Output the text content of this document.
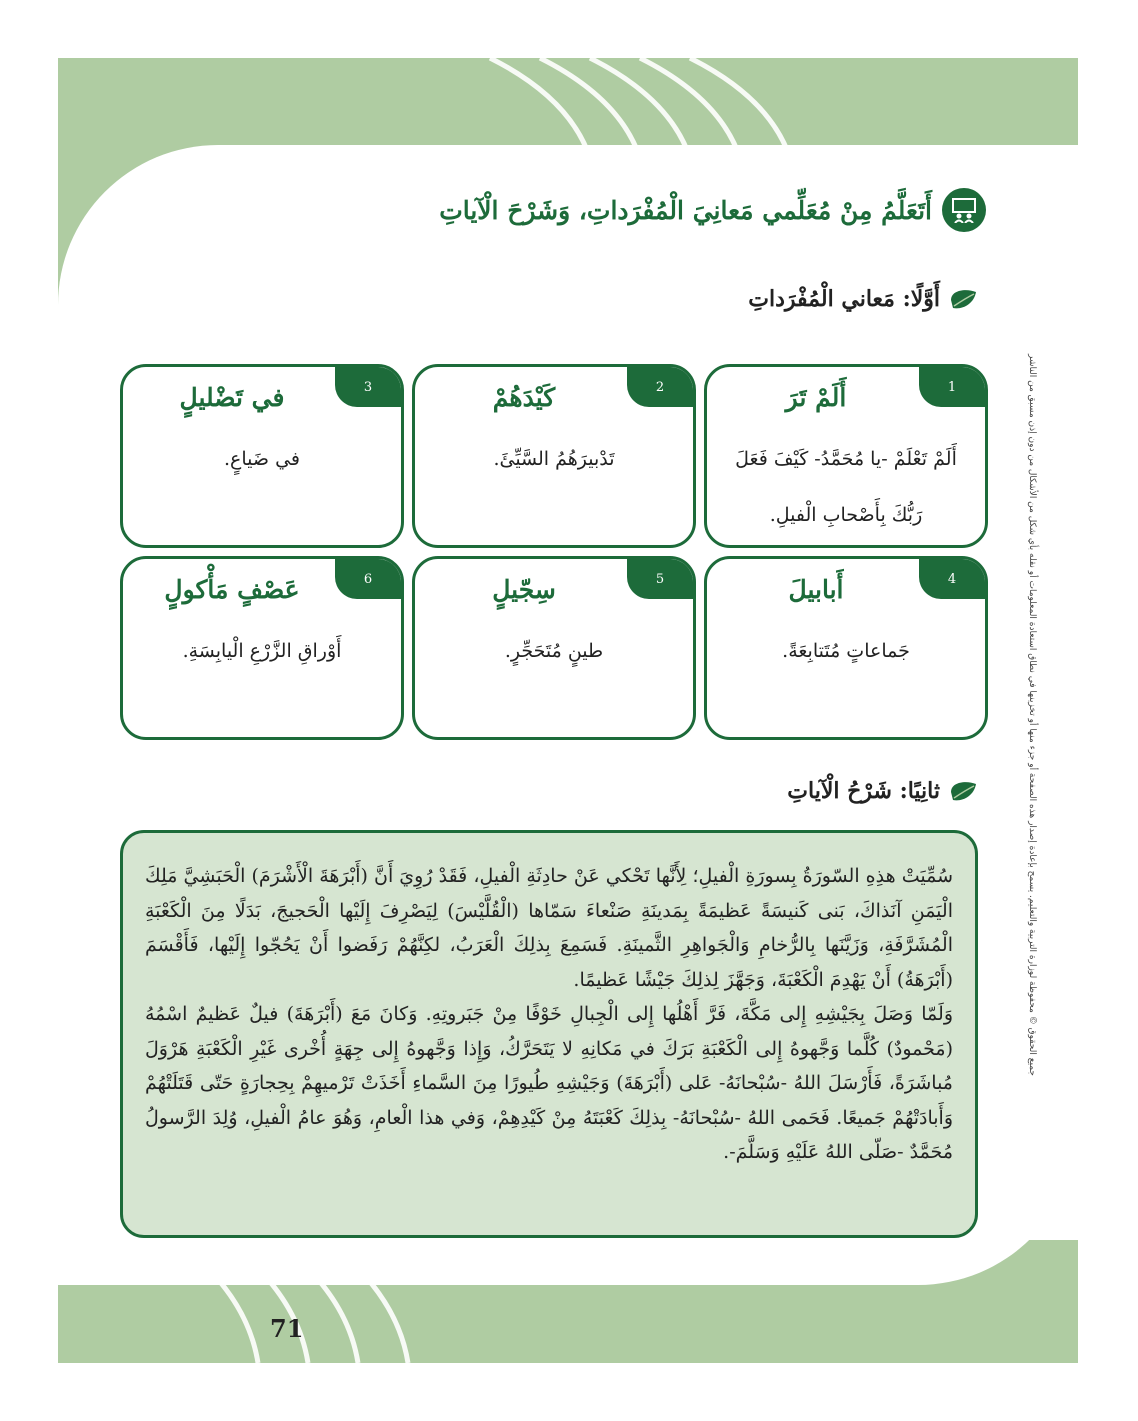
أَتَعَلَّمُ مِنْ مُعَلِّمي مَعانِيَ الْمُفْرَداتِ، وَشَرْحَ الْآياتِ
أَوَّلًا: مَعاني الْمُفْرَداتِ
1
أَلَمْ تَرَ
أَلَمْ تَعْلَمْ -يا مُحَمَّدُ- كَيْفَ فَعَلَ رَبُّكَ بِأَصْحابِ الْفيلِ.
2
كَيْدَهُمْ
تَدْبيرَهُمُ السَّيِّئَ.
3
في تَضْليلٍ
في ضَياعٍ.
4
أَبابيلَ
جَماعاتٍ مُتَتابِعَةً.
5
سِجّيلٍ
طينٍ مُتَحَجِّرٍ.
6
عَصْفٍ مَأْكولٍ
أَوْراقِ الزَّرْعِ الْيابِسَةِ.
ثانِيًا: شَرْحُ الْآياتِ

سُمِّيَتْ هذِهِ السّورَةُ بِسورَةِ الْفيلِ؛ لِأَنَّها تَحْكي عَنْ حادِثَةِ الْفيلِ، فَقَدْ رُوِيَ أَنَّ (أَبْرَهَةَ الْأَشْرَمَ) الْحَبَشِيَّ مَلِكَ الْيَمَنِ آنَذاكَ، بَنى كَنيسَةً عَظيمَةً بِمَدينَةِ صَنْعاءَ سَمّاها (الْقُلَّيْسَ) لِيَصْرِفَ إِلَيْها الْحَجيجَ، بَدَلًا مِنَ الْكَعْبَةِ الْمُشَرَّفَةِ، وَزَيَّنَها بِالرُّخامِ وَالْجَواهِرِ الثَّمينَةِ. فَسَمِعَ بِذلِكَ الْعَرَبُ، لكِنَّهُمْ رَفَضوا أَنْ يَحُجّوا إِلَيْها، فَأَقْسَمَ (أَبْرَهَةُ) أَنْ يَهْدِمَ الْكَعْبَةَ، وَجَهَّزَ لِذلِكَ جَيْشًا عَظيمًا.

وَلَمّا وَصَلَ بِجَيْشِهِ إِلى مَكَّةَ، فَرَّ أَهْلُها إِلى الْجِبالِ خَوْفًا مِنْ جَبَروتِهِ. وَكانَ مَعَ (أَبْرَهَةَ) فيلٌ عَظيمٌ اسْمُهُ (مَحْمودٌ) كُلَّما وَجَّهوهُ إِلى الْكَعْبَةِ بَرَكَ في مَكانِهِ لا يَتَحَرَّكُ، وَإِذا وَجَّهوهُ إِلى جِهَةٍ أُخْرى غَيْرِ الْكَعْبَةِ هَرْوَلَ مُباشَرَةً، فَأَرْسَلَ اللهُ -سُبْحانَهُ- عَلى (أَبْرَهَةَ) وَجَيْشِهِ طُيورًا مِنَ السَّماءِ أَخَذَتْ تَرْميهِمْ بِحِجارَةٍ حَتّى قَتَلَتْهُمْ وَأَبادَتْهُمْ جَميعًا. فَحَمى اللهُ -سُبْحانَهُ- بِذلِكَ كَعْبَتَهُ مِنْ كَيْدِهِمْ، وَفي هذا الْعامِ، وَهُوَ عامُ الْفيلِ، وُلِدَ الرَّسولُ مُحَمَّدٌ -صَلّى اللهُ عَلَيْهِ وَسَلَّمَ-.

71
جميع الحقوق © محفوظة لوزارة التربية والتعليم. يسمح بإعادة إصدار هذه الصفحة أو جزء منها أو تخزينها في نطاق استعادة المعلومات أو نقله بأي شكل من الأشكال من دون إذن مسبق من الناشر
